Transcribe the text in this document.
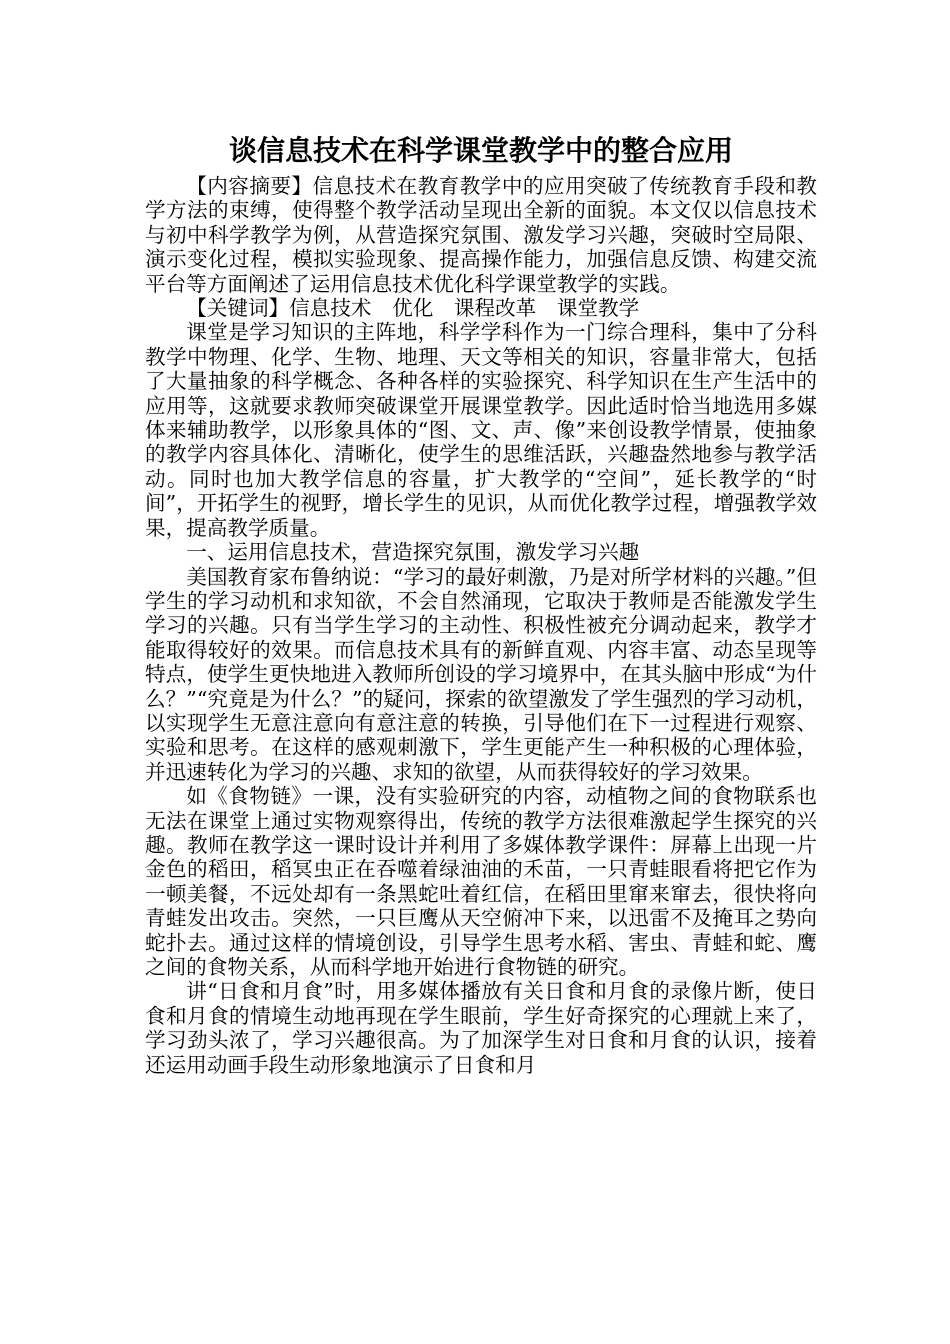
谈信息技术在科学课堂教学中的整合应用

【内容摘要】信息技术在教育教学中的应用突破了传统教育手段和教学方法的束缚，使得整个教学活动呈现出全新的面貌。本文仅以信息技术与初中科学教学为例，从营造探究氛围、激发学习兴趣，突破时空局限、演示变化过程，模拟实验现象、提高操作能力，加强信息反馈、构建交流平台等方面阐述了运用信息技术优化科学课堂教学的实践。

【关键词】信息技术　优化　课程改革　课堂教学

课堂是学习知识的主阵地，科学学科作为一门综合理科，集中了分科教学中物理、化学、生物、地理、天文等相关的知识，容量非常大，包括了大量抽象的科学概念、各种各样的实验探究、科学知识在生产生活中的应用等，这就要求教师突破课堂开展课堂教学。因此适时恰当地选用多媒体来辅助教学，以形象具体的“图、文、声、像”来创设教学情景，使抽象的教学内容具体化、清晰化，使学生的思维活跃，兴趣盎然地参与教学活动。同时也加大教学信息的容量，扩大教学的“空间”，延长教学的“时间”，开拓学生的视野，增长学生的见识，从而优化教学过程，增强教学效果，提高教学质量。

一、运用信息技术，营造探究氛围，激发学习兴趣

美国教育家布鲁纳说：“学习的最好刺激，乃是对所学材料的兴趣。”但学生的学习动机和求知欲，不会自然涌现，它取决于教师是否能激发学生学习的兴趣。只有当学生学习的主动性、积极性被充分调动起来，教学才能取得较好的效果。而信息技术具有的新鲜直观、内容丰富、动态呈现等特点，使学生更快地进入教师所创设的学习境界中，在其头脑中形成“为什么？”“究竟是为什么？”的疑问，探索的欲望激发了学生强烈的学习动机，以实现学生无意注意向有意注意的转换，引导他们在下一过程进行观察、实验和思考。在这样的感观刺激下，学生更能产生一种积极的心理体验，并迅速转化为学习的兴趣、求知的欲望，从而获得较好的学习效果。

如《食物链》一课，没有实验研究的内容，动植物之间的食物联系也无法在课堂上通过实物观察得出，传统的教学方法很难激起学生探究的兴趣。教师在教学这一课时设计并利用了多媒体教学课件：屏幕上出现一片金色的稻田，稻冥虫正在吞噬着绿油油的禾苗，一只青蛙眼看将把它作为一顿美餐，不远处却有一条黑蛇吐着红信，在稻田里窜来窜去，很快将向青蛙发出攻击。突然，一只巨鹰从天空俯冲下来，以迅雷不及掩耳之势向蛇扑去。通过这样的情境创设，引导学生思考水稻、害虫、青蛙和蛇、鹰之间的食物关系，从而科学地开始进行食物链的研究。

讲“日食和月食”时，用多媒体播放有关日食和月食的录像片断，使日食和月食的情境生动地再现在学生眼前，学生好奇探究的心理就上来了，学习劲头浓了，学习兴趣很高。为了加深学生对日食和月食的认识，接着还运用动画手段生动形象地演示了日食和月
